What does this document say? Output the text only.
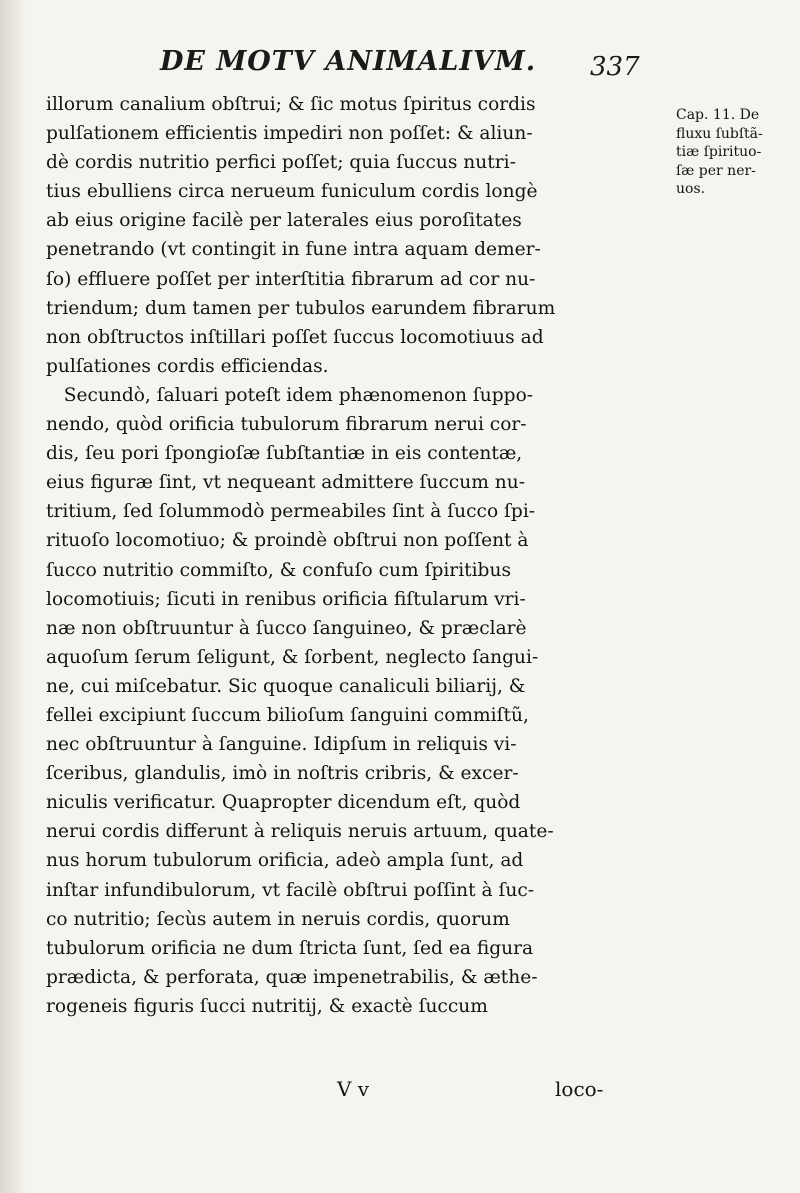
DE MOTV ANIMALIVM. 337
illorum canalium obſtrui; & ſic motus ſpiritus cordis
pulſationem efficientis impediri non poſſet: & aliun-
dè cordis nutritio perfici poſſet; quia ſuccus nutri-
tius ebulliens circa nerueum funiculum cordis longè
ab eius origine facilè per laterales eius poroſitates
penetrando (vt contingit in fune intra aquam demer-
ſo) effluere poſſet per interſtitia fibrarum ad cor nu-
triendum; dum tamen per tubulos earundem fibrarum
non obſtructos inſtillari poſſet ſuccus locomotiuus ad
pulſationes cordis efficiendas.
Secundò, ſaluari poteſt idem phænomenon ſuppo-
nendo, quòd orificia tubulorum fibrarum nerui cor-
dis, ſeu pori ſpongioſæ ſubſtantiæ in eis contentæ,
eius figuræ ſint, vt nequeant admittere ſuccum nu-
tritium, ſed ſolummodò permeabiles ſint à ſucco ſpi-
rituoſo locomotiuo; & proindè obſtrui non poſſent à
ſucco nutritio commiſto, & confuſo cum ſpiritibus
locomotiuis; ſicuti in renibus orificia fiſtularum vri-
næ non obſtruuntur à ſucco ſanguineo, & præclarè
aquoſum ſerum ſeligunt, & ſorbent, neglecto ſangui-
ne, cui miſcebatur. Sic quoque canaliculi biliarij, &
fellei excipiunt ſuccum bilioſum ſanguini commiſtũ,
nec obſtruuntur à ſanguine. Idipſum in reliquis vi-
ſceribus, glandulis, imò in noſtris cribris, & excer-
niculis verificatur. Quapropter dicendum eſt, quòd
nerui cordis differunt à reliquis neruis artuum, quate-
nus horum tubulorum orificia, adeò ampla ſunt, ad
inſtar infundibulorum, vt facilè obſtrui poſſint à ſuc-
co nutritio; ſecùs autem in neruis cordis, quorum
tubulorum orificia ne dum ſtricta ſunt, ſed ea figura
prædicta, & perforata, quæ impenetrabilis, & æthe-
rogeneis figuris ſucci nutritij, & exactè ſuccum
Cap. 11. De
fluxu ſubſtã-
tiæ ſpirituo-
ſæ per ner-
uos.
V v	loco-
